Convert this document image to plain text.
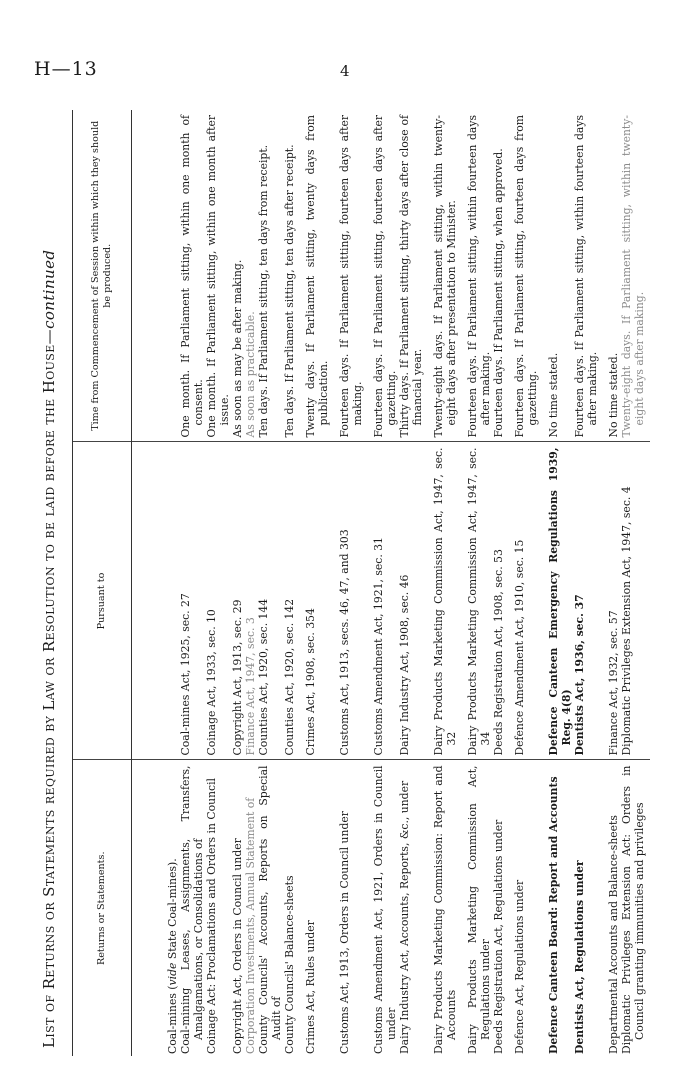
H—13	4
List of Returns or Statements required by Law or Resolution to be laid before the House—continued
Returns or Statements.	Pursuant to	Time from Commencement of Session within which they should be produced.
Coal-mines (vide State Coal-mines).		
Coal-mining Leases, Assignments, Transfers, Amalgamations, or Consolidations of	Coal-mines Act, 1925, sec. 27	One month. If Parliament sitting, within one month of consent.
Coinage Act: Proclamations and Orders in Council	Coinage Act, 1933, sec. 10	One month. If Parliament sitting, within one month after issue.
Copyright Act, Orders in Council under	Copyright Act, 1913, sec. 29	As soon as may be after making.
Corporation Investments, Annual Statement of	Finance Act, 1947, sec. 3	As soon as practicable.
County Councils' Accounts, Reports on Special Audit of	Counties Act, 1920, sec. 144	Ten days. If Parliament sitting, ten days from receipt.
County Councils' Balance-sheets	Counties Act, 1920, sec. 142	Ten days. If Parliament sitting, ten days after receipt.
Crimes Act, Rules under	Crimes Act, 1908, sec. 354	Twenty days. If Parliament sitting, twenty days from publication.
Customs Act, 1913, Orders in Council under	Customs Act, 1913, secs. 46, 47, and 303	Fourteen days. If Parliament sitting, fourteen days after making.
Customs Amendment Act, 1921, Orders in Council under	Customs Amendment Act, 1921, sec. 31	Fourteen days. If Parliament sitting, fourteen days after gazetting.
Dairy Industry Act, Accounts, Reports, &c., under	Dairy Industry Act, 1908, sec. 46	Thirty days. If Parliament sitting, thirty days after close of financial year.
Dairy Products Marketing Commission: Report and Accounts	Dairy Products Marketing Commission Act, 1947, sec. 32	Twenty-eight days. If Parliament sitting, within twenty-eight days after presentation to Minister.
Dairy Products Marketing Commission Act, Regulations under	Dairy Products Marketing Commission Act, 1947, sec. 34	Fourteen days. If Parliament sitting, within fourteen days after making.
Deeds Registration Act, Regulations under	Deeds Registration Act, 1908, sec. 53	Fourteen days. If Parliament sitting, when approved.
Defence Act, Regulations under	Defence Amendment Act, 1910, sec. 15	Fourteen days. If Parliament sitting, fourteen days from gazetting.
Defence Canteen Board: Report and Accounts	Defence Canteen Emergency Regulations 1939, Reg. 4(8)	No time stated.
Dentists Act, Regulations under	Dentists Act, 1936, sec. 37	Fourteen days. If Parliament sitting, within fourteen days after making.
Departmental Accounts and Balance-sheets	Finance Act, 1932, sec. 57	No time stated.
Diplomatic Privileges Extension Act: Orders in Council granting immunities and privileges	Diplomatic Privileges Extension Act, 1947, sec. 4	Twenty-eight days. If Parliament sitting, within twenty-eight days after making.
